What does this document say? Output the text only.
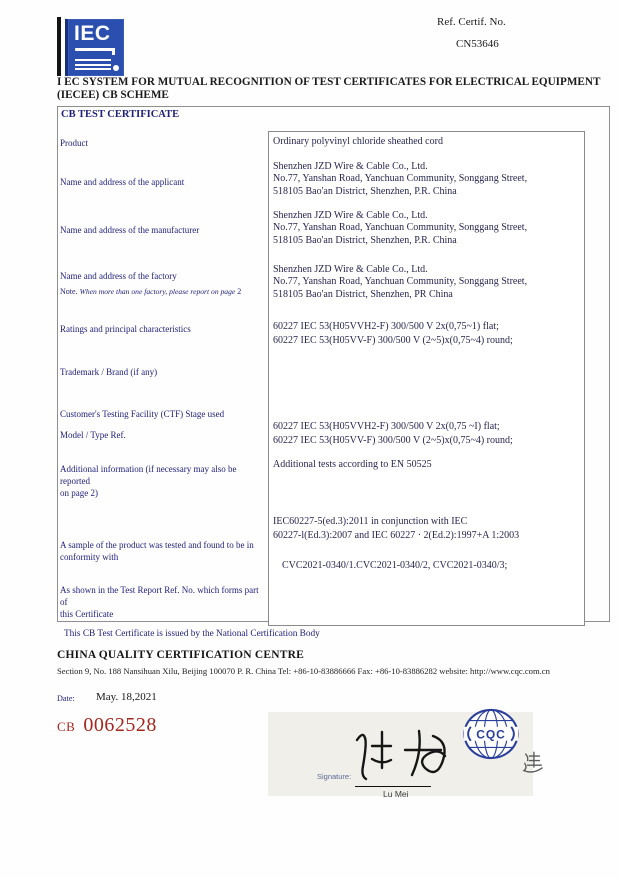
IEC	Ref. Certif. No.
CN53646
I EC SYSTEM FOR MUTUAL RECOGNITION OF TEST CERTIFICATES FOR ELECTRICAL EQUIPMENT
(IECEE) CB SCHEME
CB TEST CERTIFICATE
Product
Name and address of the applicant
Name and address of the manufacturer
Name and address of the factory
Note. When more than one factory, please report on page 2
Ratings and principal characteristics
Trademark / Brand (if any)
Customer's Testing Facility (CTF) Stage used
Model / Type Ref.
Additional information (if necessary may also be reported
on page 2)
A sample of the product was tested and found to be in
conformity with
As shown in the Test Report Ref. No. which forms part of
this Certificate
Ordinary polyvinyl chloride sheathed cord
Shenzhen JZD Wire & Cable Co., Ltd.
No.77, Yanshan Road, Yanchuan Community, Songgang Street,
518105 Bao'an District, Shenzhen, P.R. China
Shenzhen JZD Wire & Cable Co., Ltd.
No.77, Yanshan Road, Yanchuan Community, Songgang Street,
518105 Bao'an District, Shenzhen, P.R. China
Shenzhen JZD Wire & Cable Co., Ltd.
No.77, Yanshan Road, Yanchuan Community, Songgang Street,
518105 Bao'an District, Shenzhen, PR China
60227 IEC 53(H05VVH2-F) 300/500 V 2x(0,75~1) flat;
60227 IEC 53(H05VV-F) 300/500 V (2~5)x(0,75~4) round;
60227 IEC 53(H05VVH2-F) 300/500 V 2x(0,75 ~I) flat;
60227 IEC 53(H05VV-F) 300/500 V (2~5)x(0,75~4) round;
Additional tests according to EN 50525
IEC60227-5(ed.3):2011 in conjunction with IEC
60227-l(Ed.3):2007 and IEC 60227 · 2(Ed.2):1997+A 1:2003
CVC2021-0340/1.CVC2021-0340/2, CVC2021-0340/3;
This CB Test Certificate is issued by the National Certification Body
CHINA QUALITY CERTIFICATION CENTRE
Section 9, No. 188 Nansihuan Xilu, Beijing 100070 P. R. China Tel: +86-10-83886666 Fax: +86-10-83886282 website: http://www.cqc.com.cn
Date: May. 18,2021
CB 0062528
Signature:
Lu Mei
CQC
